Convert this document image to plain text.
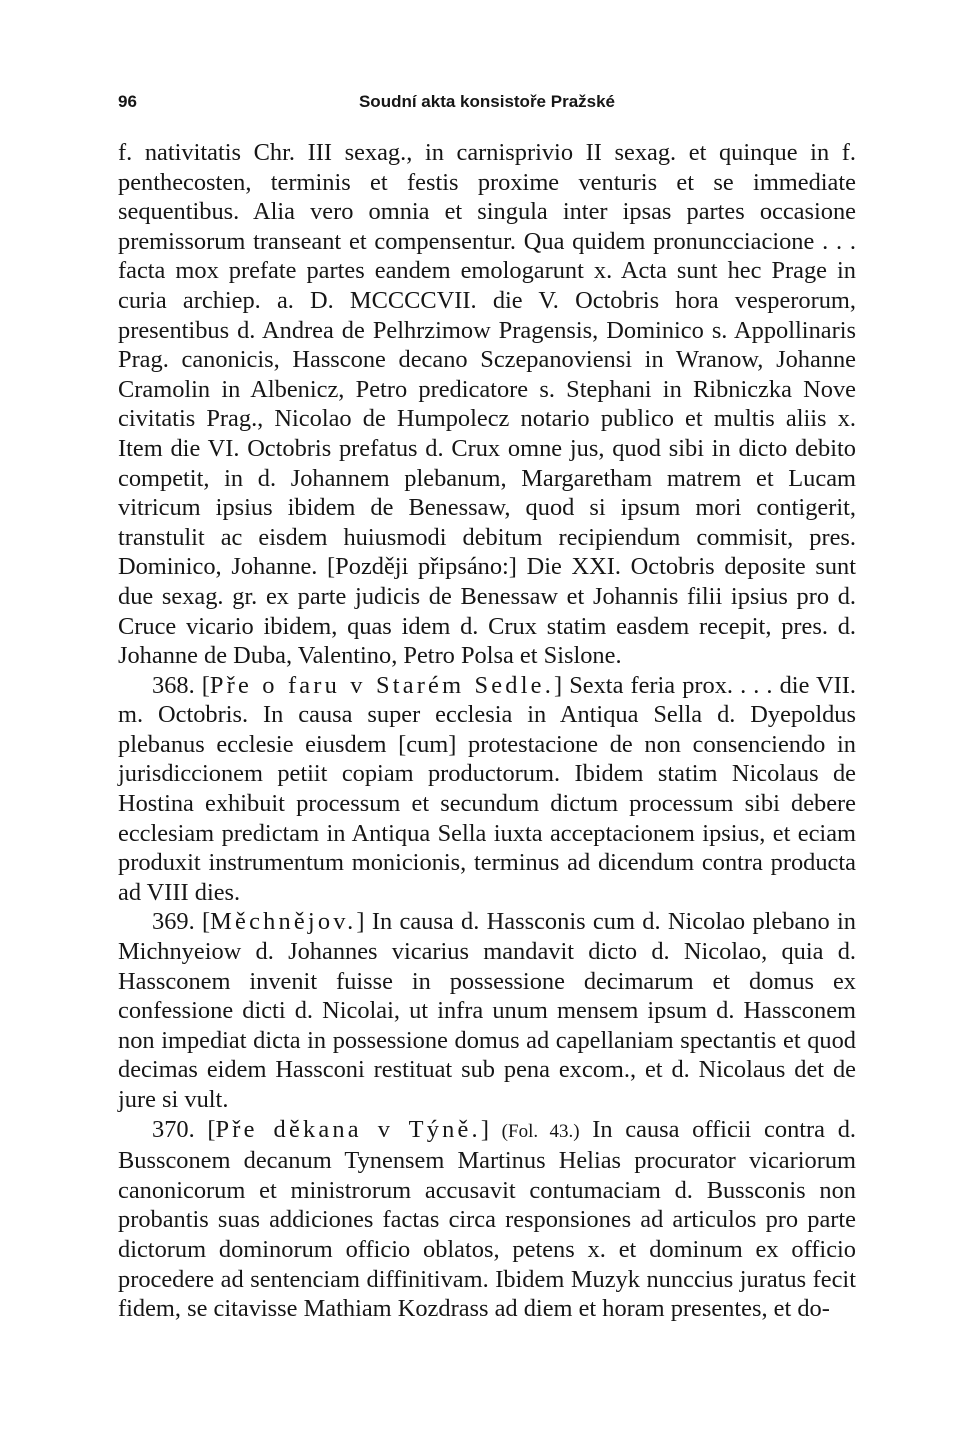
96	Soudní akta konsistoře Pražské

f. nativitatis Chr. III sexag., in carnisprivio II sexag. et quinque in f. penthecosten, terminis et festis proxime venturis et se immediate sequentibus. Alia vero omnia et singula inter ipsas partes occasione premissorum transeant et compensentur. Qua quidem pronuncciacione . . . facta mox prefate partes eandem emologarunt x. Acta sunt hec Prage in curia archiep. a. D. MCCCCVII. die V. Octobris hora vesperorum, presentibus d. Andrea de Pelhrzimow Pragensis, Dominico s. Appollinaris Prag. canonicis, Hasscone decano Sczepanoviensi in Wranow, Johanne Cramolin in Albenicz, Petro predicatore s. Stephani in Ribniczka Nove civitatis Prag., Nicolao de Humpolecz notario publico et multis aliis x. Item die VI. Octobris prefatus d. Crux omne jus, quod sibi in dicto debito competit, in d. Johannem plebanum, Margaretham matrem et Lucam vitricum ipsius ibidem de Benessaw, quod si ipsum mori contigerit, transtulit ac eisdem huiusmodi debitum recipiendum commisit, pres. Dominico, Johanne. [Později připsáno:] Die XXI. Octobris deposite sunt due sexag. gr. ex parte judicis de Benessaw et Johannis filii ipsius pro d. Cruce vicario ibidem, quas idem d. Crux statim easdem recepit, pres. d. Johanne de Duba, Valentino, Petro Polsa et Sislone.

368. [Pře o faru v Starém Sedle.] Sexta feria prox. . . . die VII. m. Octobris. In causa super ecclesia in Antiqua Sella d. Dyepoldus plebanus ecclesie eiusdem [cum] protestacione de non consenciendo in jurisdiccionem petiit copiam productorum. Ibidem statim Nicolaus de Hostina exhibuit processum et secundum dictum processum sibi debere ecclesiam predictam in Antiqua Sella iuxta acceptacionem ipsius, et eciam produxit instrumentum monicionis, terminus ad dicendum contra producta ad VIII dies.

369. [Měchnějov.] In causa d. Hassconis cum d. Nicolao plebano in Michnyeiow d. Johannes vicarius mandavit dicto d. Nicolao, quia d. Hassconem invenit fuisse in possessione decimarum et domus ex confessione dicti d. Nicolai, ut infra unum mensem ipsum d. Hassconem non impediat dicta in possessione domus ad capellaniam spectantis et quod decimas eidem Hassconi restituat sub pena excom., et d. Nicolaus det de jure si vult.

370. [Pře děkana v Týně.] (Fol. 43.) In causa officii contra d. Bussconem decanum Tynensem Martinus Helias procurator vicariorum canonicorum et ministrorum accusavit contumaciam d. Bussconis non probantis suas addiciones factas circa responsiones ad articulos pro parte dictorum dominorum officio oblatos, petens x. et dominum ex officio procedere ad sentenciam diffinitivam. Ibidem Muzyk nunccius juratus fecit fidem, se citavisse Mathiam Kozdrass ad diem et horam presentes, et do-
